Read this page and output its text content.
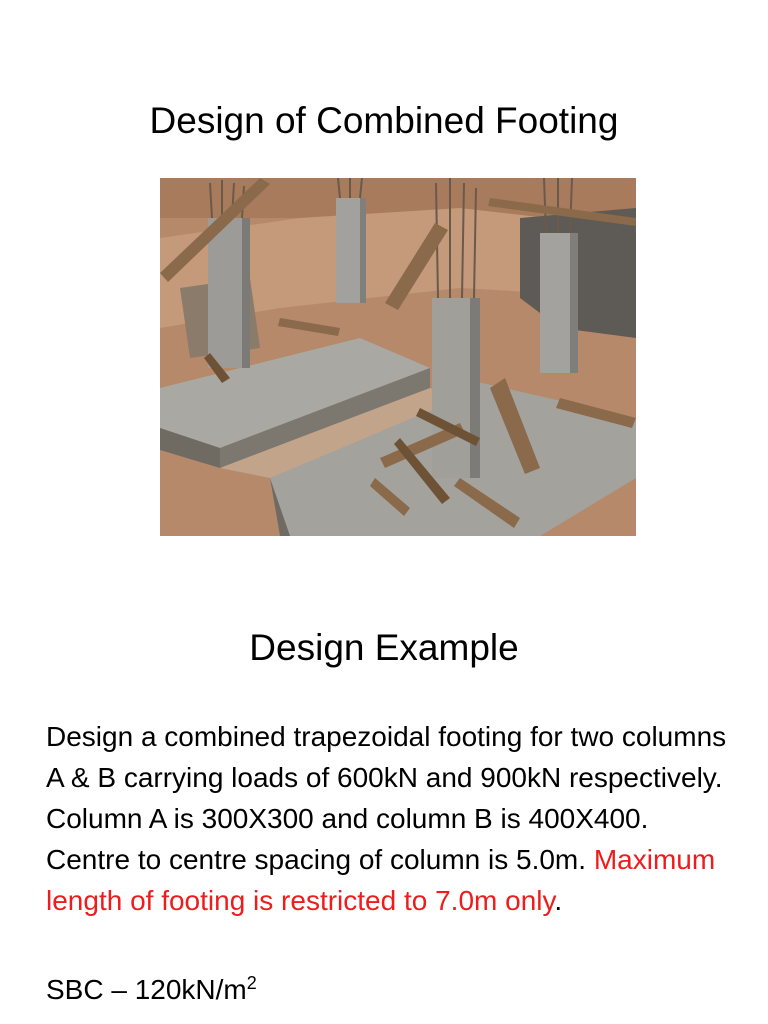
Design of Combined Footing
Design Example

Design a combined trapezoidal footing for two columns A & B carrying loads of 600kN and 900kN respectively. Column A is 300X300 and column B is 400X400. Centre to centre spacing of column is 5.0m. Maximum length of footing is restricted to 7.0m only.

SBC – $120kN/m^2$
